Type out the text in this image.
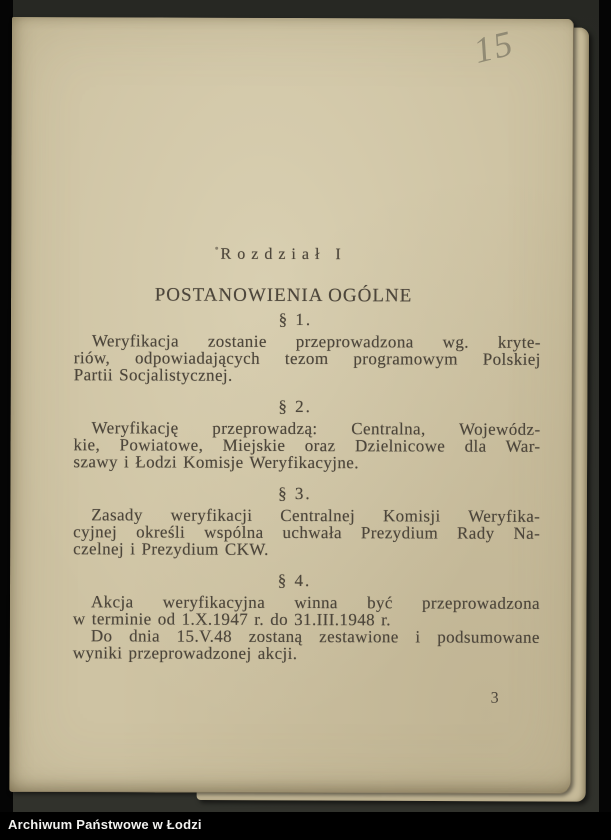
15
Rozdział I
POSTANOWIENIA OGÓLNE
§ 1.
Weryfikacja zostanie przeprowadzona wg. kryte-
riów, odpowiadających tezom programowym Polskiej
Partii Socjalistycznej.
§ 2.
Weryfikację przeprowadzą: Centralna, Wojewódz-
kie, Powiatowe, Miejskie oraz Dzielnicowe dla War-
szawy i Łodzi Komisje Weryfikacyjne.
§ 3.
Zasady weryfikacji Centralnej Komisji Weryfika-
cyjnej określi wspólna uchwała Prezydium Rady Na-
czelnej i Prezydium CKW.
§ 4.
Akcja weryfikacyjna winna być przeprowadzona
w terminie od 1.X.1947 r. do 31.III.1948 r.
Do dnia 15.V.48 zostaną zestawione i podsumowane
wyniki przeprowadzonej akcji.
3
Archiwum Państwowe w Łodzi
